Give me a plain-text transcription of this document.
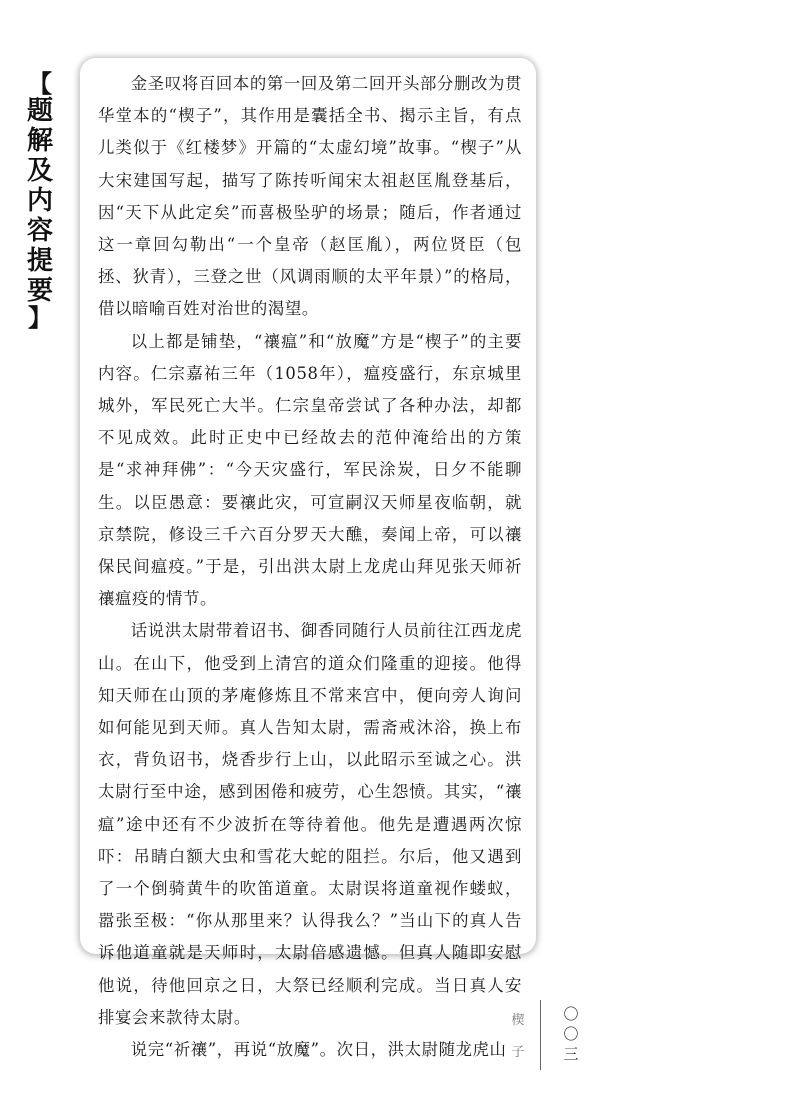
【
题
解
及
内
容
提
要
】

金圣叹将百回本的第一回及第二回开头部分删改为贯华堂本的“楔子”，其作用是囊括全书、揭示主旨，有点儿类似于《红楼梦》开篇的“太虚幻境”故事。“楔子”从大宋建国写起，描写了陈抟听闻宋太祖赵匡胤登基后，因“天下从此定矣”而喜极坠驴的场景；随后，作者通过这一章回勾勒出“一个皇帝（赵匡胤），两位贤臣（包拯、狄青），三登之世（风调雨顺的太平年景）”的格局，借以暗喻百姓对治世的渴望。

以上都是铺垫，“禳瘟”和“放魔”方是“楔子”的主要内容。仁宗嘉祐三年（1058年），瘟疫盛行，东京城里城外，军民死亡大半。仁宗皇帝尝试了各种办法，却都不见成效。此时正史中已经故去的范仲淹给出的方策是“求神拜佛”：“今天灾盛行，军民涂炭，日夕不能聊生。以臣愚意：要禳此灾，可宣嗣汉天师星夜临朝，就京禁院，修设三千六百分罗天大醮，奏闻上帝，可以禳保民间瘟疫。”于是，引出洪太尉上龙虎山拜见张天师祈禳瘟疫的情节。

话说洪太尉带着诏书、御香同随行人员前往江西龙虎山。在山下，他受到上清宫的道众们隆重的迎接。他得知天师在山顶的茅庵修炼且不常来宫中，便向旁人询问如何能见到天师。真人告知太尉，需斋戒沐浴，换上布衣，背负诏书，烧香步行上山，以此昭示至诚之心。洪太尉行至中途，感到困倦和疲劳，心生怨愤。其实，“禳瘟”途中还有不少波折在等待着他。他先是遭遇两次惊吓：吊睛白额大虫和雪花大蛇的阻拦。尔后，他又遇到了一个倒骑黄牛的吹笛道童。太尉误将道童视作蝼蚁，嚣张至极：“你从那里来？认得我么？”当山下的真人告诉他道童就是天师时，太尉倍感遗憾。但真人随即安慰他说，待他回京之日，大祭已经顺利完成。当日真人安排宴会来款待太尉。

说完“祈禳”，再说“放魔”。次日，洪太尉随龙虎山

楔
子
〇
〇
三
